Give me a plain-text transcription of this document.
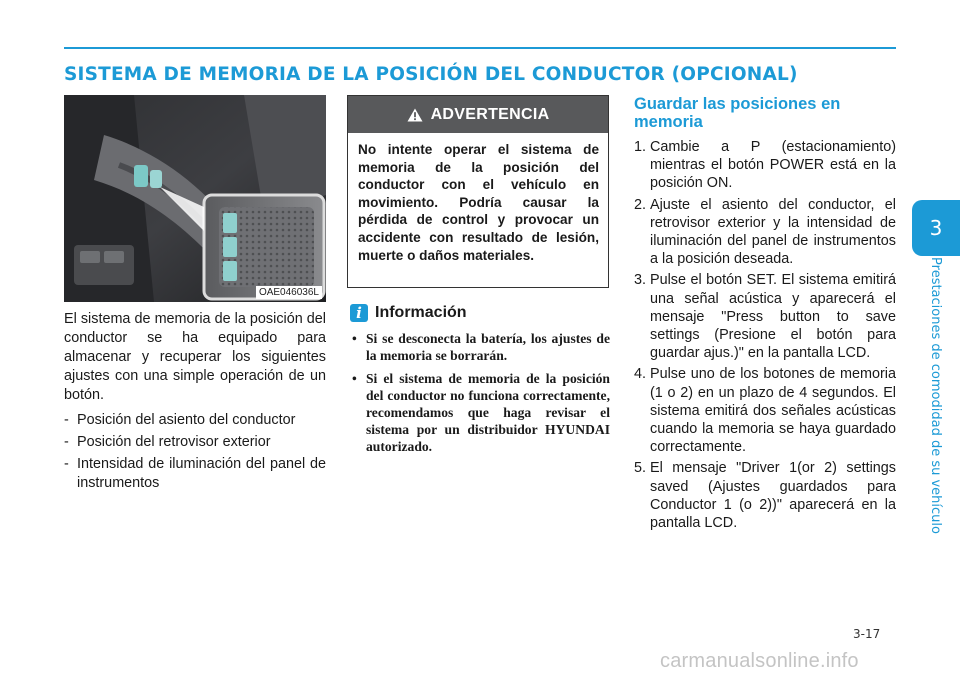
SISTEMA DE MEMORIA DE LA POSICIÓN DEL CONDUCTOR (OPCIONAL)
3
Prestaciones de comodidad de su vehículo
OAE046036L

El sistema de memoria de la posición del conductor se ha equipado para almacenar y recuperar los siguientes ajustes con una simple operación de un botón.

- Posición del asiento del conductor
- Posición del retrovisor exterior
- Intensidad de iluminación del panel de instrumentos
ADVERTENCIA
No intente operar el sistema de memoria de la posición del conductor con el vehículo en movimiento. Podría causar la pérdida de control y provocar un accidente con resultado de lesión, muerte o daños materiales.
i Información
• Si se desconecta la batería, los ajustes de la memoria se borrarán.
• Si el sistema de memoria de la posición del conductor no funciona correctamente, recomendamos que haga revisar el sistema por un distribuidor HYUNDAI autorizado.
Guardar las posiciones en memoria
1. Cambie a P (estacionamiento) mientras el botón POWER está en la posición ON.
2. Ajuste el asiento del conductor, el retrovisor exterior y la intensidad de iluminación del panel de instrumentos a la posición deseada.
3. Pulse el botón SET. El sistema emitirá una señal acústica y aparecerá el mensaje "Press button to save settings (Presione el botón para guardar ajus.)" en la pantalla LCD.
4. Pulse uno de los botones de memoria (1 o 2) en un plazo de 4 segundos. El sistema emitirá dos señales acústicas cuando la memoria se haya guardado correctamente.
5. El mensaje "Driver 1(or 2) settings saved (Ajustes guardados para Conductor 1 (o 2))" aparecerá en la pantalla LCD.
3-17
carmanualsonline.info
